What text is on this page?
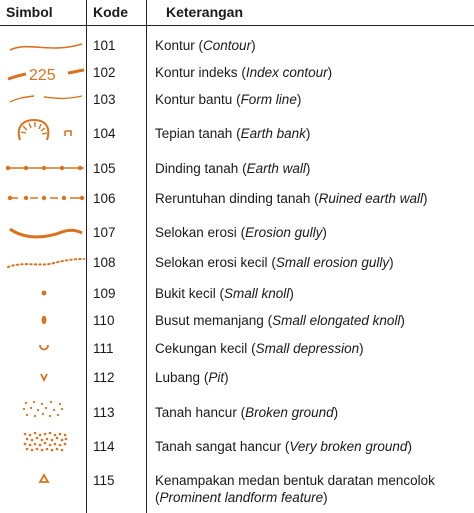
Simbol	Kode	Keterangan
101	Kontur (Contour)
225	102	Kontur indeks (Index contour)
103	Kontur bantu (Form line)
104	Tepian tanah (Earth bank)
105	Dinding tanah (Earth wall)
106	Reruntuhan dinding tanah (Ruined earth wall)
107	Selokan erosi (Erosion gully)
108	Selokan erosi kecil (Small erosion gully)
109	Bukit kecil (Small knoll)
110	Busut memanjang (Small elongated knoll)
111	Cekungan kecil (Small depression)
112	Lubang (Pit)
113	Tanah hancur (Broken ground)
114	Tanah sangat hancur (Very broken ground)
115	Kenampakan medan bentuk daratan mencolok
(Prominent landform feature)
